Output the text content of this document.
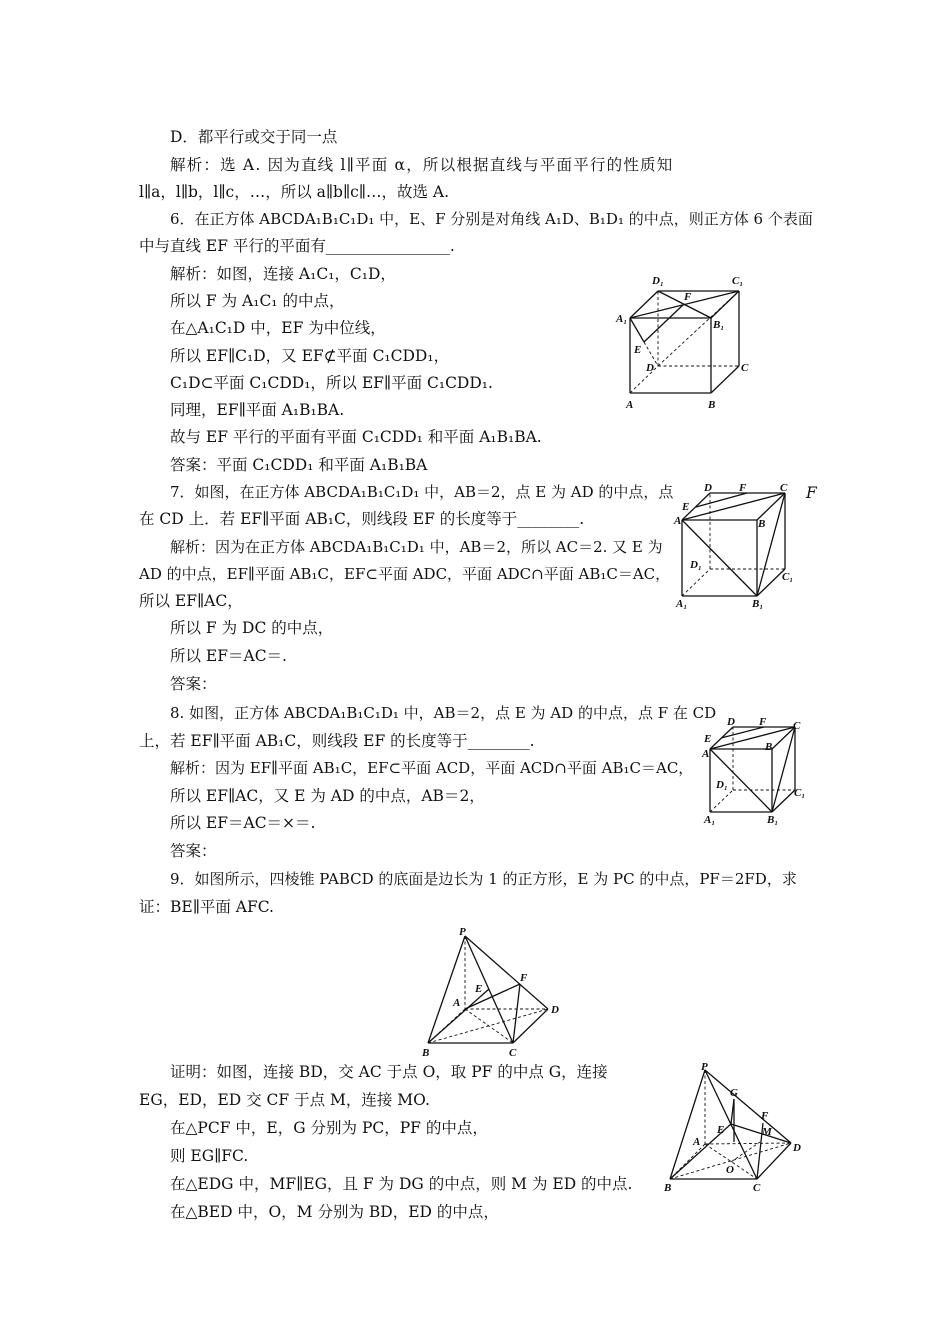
D．都平行或交于同一点
解析：选 A. 因为直线 l∥平面 α，所以根据直线与平面平行的性质知
l∥a，l∥b，l∥c，…，所以 a∥b∥c∥…，故选 A.
6．在正方体 ABCDA₁B₁C₁D₁ 中，E、F 分别是对角线 A₁D、B₁D₁ 的中点，则正方体 6 个表面
中与直线 EF 平行的平面有________________.
解析：如图，连接 A₁C₁，C₁D，
所以 F 为 A₁C₁ 的中点，
在△A₁C₁D 中，EF 为中位线，
所以 EF∥C₁D，又 EF⊄平面 C₁CDD₁，
C₁D⊂平面 C₁CDD₁，所以 EF∥平面 C₁CDD₁.
同理，EF∥平面 A₁B₁BA.
故与 EF 平行的平面有平面 C₁CDD₁ 和平面 A₁B₁BA.
答案：平面 C₁CDD₁ 和平面 A₁B₁BA
7．如图，在正方体 ABCDA₁B₁C₁D₁ 中，AB＝2，点 E 为 AD 的中点，点
在 CD 上．若 EF∥平面 AB₁C，则线段 EF 的长度等于________.
解析：因为在正方体 ABCDA₁B₁C₁D₁ 中，AB＝2，所以 AC＝2. 又 E 为
AD 的中点，EF∥平面 AB₁C，EF⊂平面 ADC，平面 ADC∩平面 AB₁C＝AC，
所以 EF∥AC，
所以 F 为 DC 的中点，
所以 EF＝AC＝.
答案：
8. 如图，正方体 ABCDA₁B₁C₁D₁ 中，AB＝2，点 E 为 AD 的中点，点 F 在 CD
上，若 EF∥平面 AB₁C，则线段 EF 的长度等于________.
解析：因为 EF∥平面 AB₁C，EF⊂平面 ACD，平面 ACD∩平面 AB₁C＝AC，
所以 EF∥AC，又 E 为 AD 的中点，AB＝2，
所以 EF＝AC＝×＝.
答案：
9．如图所示，四棱锥 PABCD 的底面是边长为 1 的正方形，E 为 PC 的中点，PF＝2FD，求
证：BE∥平面 AFC.
证明：如图，连接 BD，交 AC 于点 O，取 PF 的中点 G，连接
EG，ED，ED 交 CF 于点 M，连接 MO.
在△PCF 中，E，G 分别为 PC，PF 的中点，
则 EG∥FC.
在△EDG 中，MF∥EG，且 F 为 DG 的中点，则 M 为 ED 的中点.
在△BED 中，O，M 分别为 BD，ED 的中点，
F
D₁	C₁
F
A₁	B₁
E
D	C
A	B
D F	C
E
A	B
D₁
C₁
A₁	B₁
D F C
E
A
B
D₁
C₁
A₁	B₁
P
F
A
E
D
B	C
P
G
F
E	M
A	D
O
B	C
